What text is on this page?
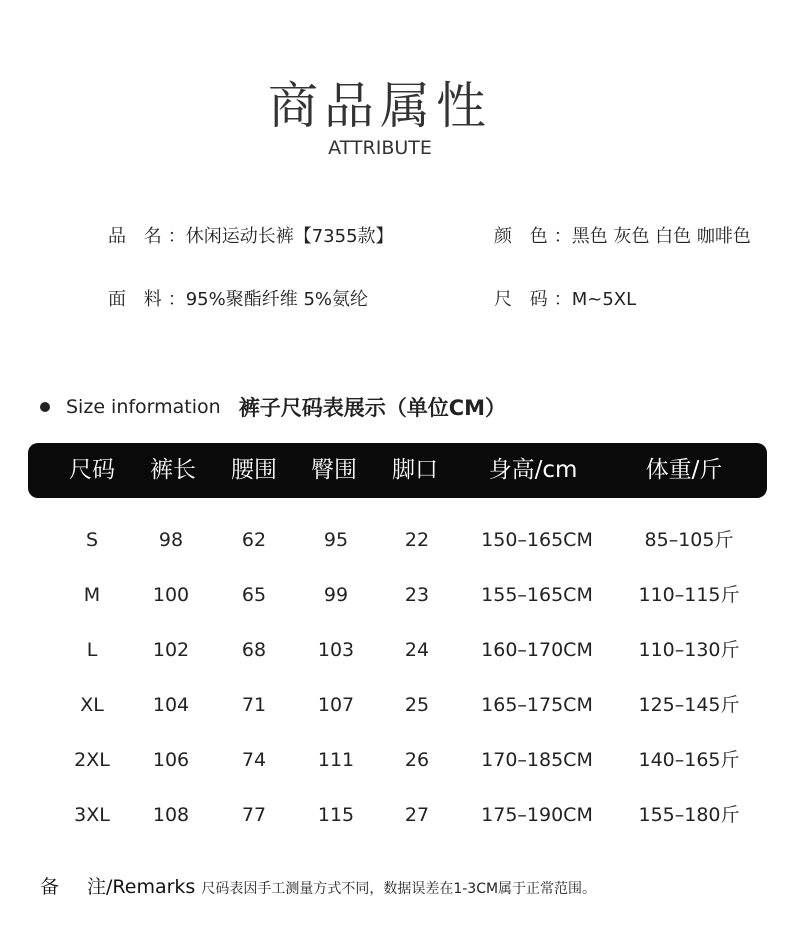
商品属性
ATTRIBUTE
品 名：休闲运动长裤【7355款】	颜 色：黑色 灰色 白色 咖啡色
面 料：95%聚酯纤维 5%氨纶	尺 码：M~5XL
Size information 裤子尺码表展示（单位CM）
尺码 裤长 腰围 臀围 脚口 身高/cm	体重/斤
S	98	62	95	22	150–165CM	85–105斤
M	100	65	99	23	155–165CM 110–115斤
L	102	68	103	24	160–170CM 110–130斤
XL	104	71	107	25	165–175CM 125–145斤
2XL 106	74	111	26	170–185CM 140–165斤
3XL 108	77	115	27	175–190CM 155–180斤
备 注/Remarks 尺码表因手工测量方式不同，数据误差在1-3CM属于正常范围。
